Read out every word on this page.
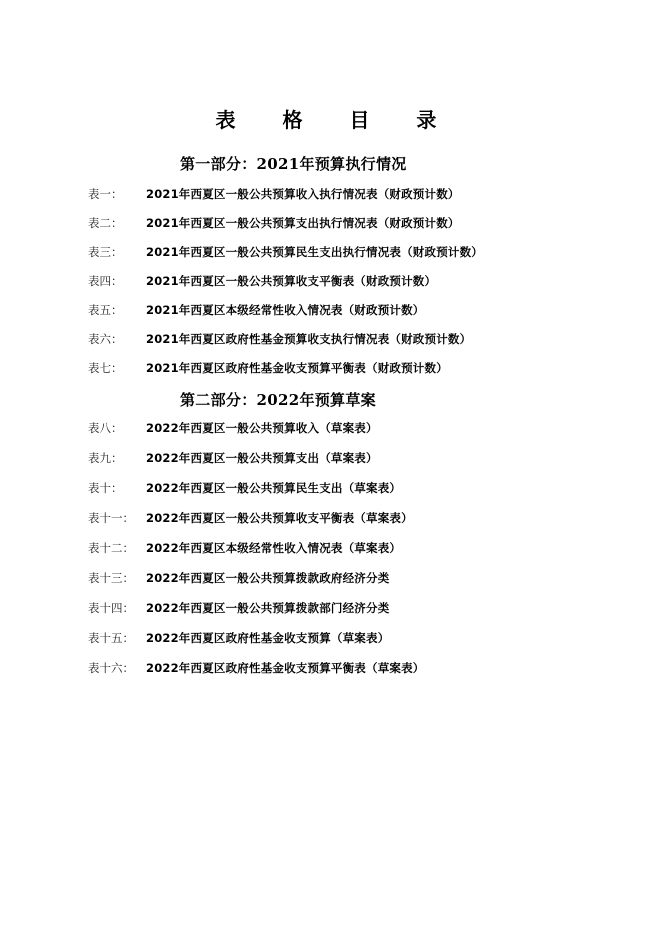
表 格 目 录
第一部分：2021年预算执行情况
表一：	2021年西夏区一般公共预算收入执行情况表（财政预计数）
表二：	2021年西夏区一般公共预算支出执行情况表（财政预计数）
表三：	2021年西夏区一般公共预算民生支出执行情况表（财政预计数）
表四：	2021年西夏区一般公共预算收支平衡表（财政预计数）
表五：	2021年西夏区本级经常性收入情况表（财政预计数）
表六：	2021年西夏区政府性基金预算收支执行情况表（财政预计数）
表七：	2021年西夏区政府性基金收支预算平衡表（财政预计数）
第二部分：2022年预算草案
表八：	2022年西夏区一般公共预算收入（草案表）
表九：	2022年西夏区一般公共预算支出（草案表）
表十：	2022年西夏区一般公共预算民生支出（草案表）
表十一：	2022年西夏区一般公共预算收支平衡表（草案表）
表十二：	2022年西夏区本级经常性收入情况表（草案表）
表十三：	2022年西夏区一般公共预算拨款政府经济分类
表十四：	2022年西夏区一般公共预算拨款部门经济分类
表十五：	2022年西夏区政府性基金收支预算（草案表）
表十六：	2022年西夏区政府性基金收支预算平衡表（草案表）
